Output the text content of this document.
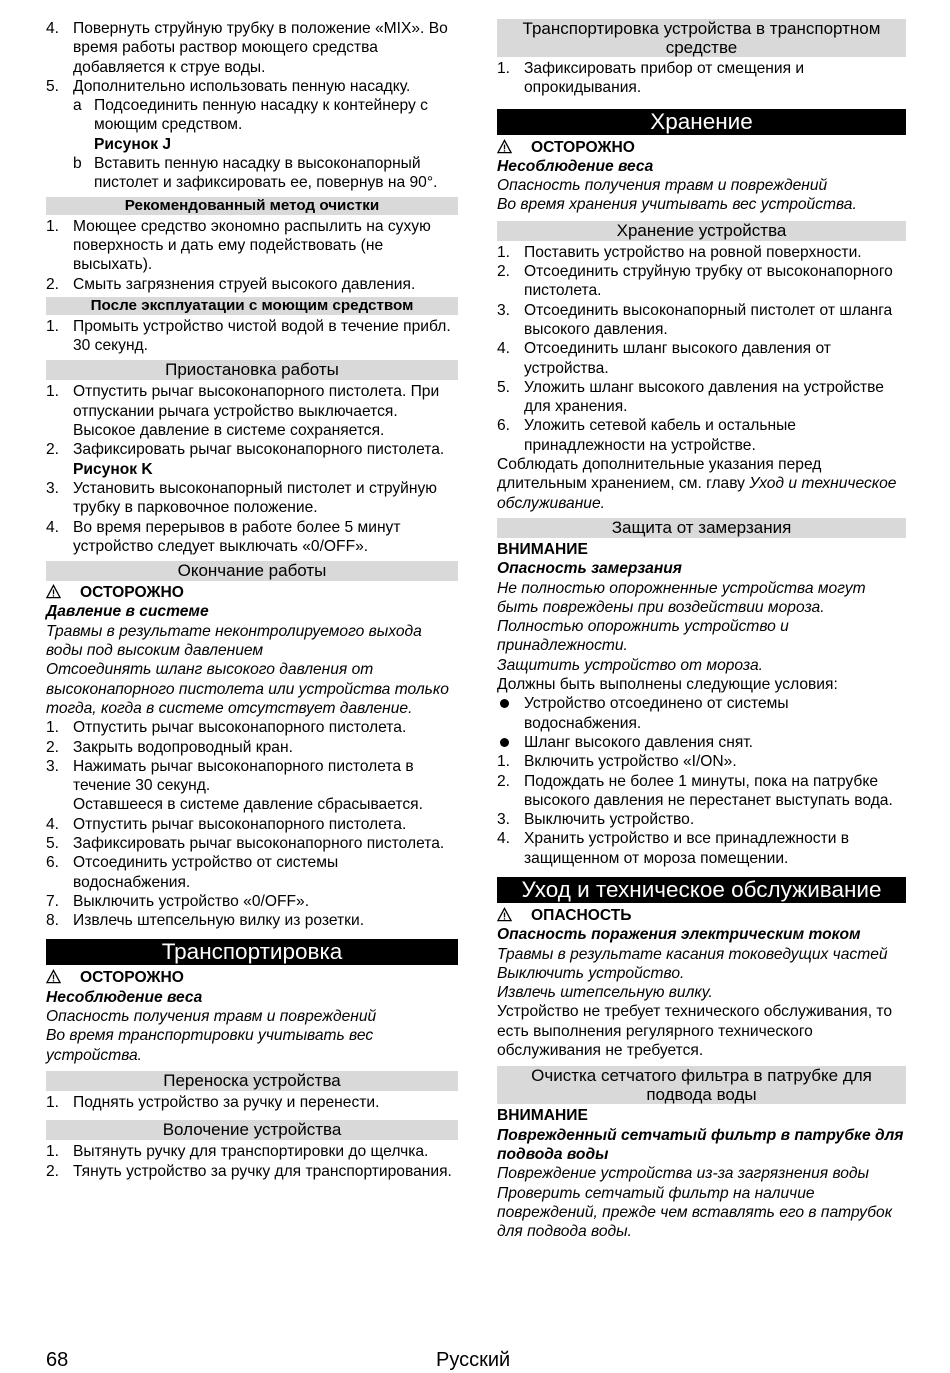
4. Повернуть струйную трубку в положение «MIX». Во время работы раствор моющего средства добавляется к струе воды.
5. Дополнительно использовать пенную насадку.
a Подсоединить пенную насадку к контейнеру с моющим средством.
Рисунок J
b Вставить пенную насадку в высоконапорный пистолет и зафиксировать ее, повернув на 90°.
Рекомендованный метод очистки
1. Моющее средство экономно распылить на сухую поверхность и дать ему подействовать (не высыхать).
2. Смыть загрязнения струей высокого давления.
После эксплуатации с моющим средством
1. Промыть устройство чистой водой в течение прибл. 30 секунд.
Приостановка работы
1. Отпустить рычаг высоконапорного пистолета. При отпускании рычага устройство выключается. Высокое давление в системе сохраняется.
2. Зафиксировать рычаг высоконапорного пистолета.
Рисунок K
3. Установить высоконапорный пистолет и струйную трубку в парковочное положение.
4. Во время перерывов в работе более 5 минут устройство следует выключать «0/OFF».
Окончание работы
ОСТОРОЖНО
Давление в системе
Травмы в результате неконтролируемого выхода воды под высоким давлением
Отсоединять шланг высокого давления от высоконапорного пистолета или устройства только тогда, когда в системе отсутствует давление.
1. Отпустить рычаг высоконапорного пистолета.
2. Закрыть водопроводный кран.
3. Нажимать рычаг высоконапорного пистолета в течение 30 секунд.
Оставшееся в системе давление сбрасывается.
4. Отпустить рычаг высоконапорного пистолета.
5. Зафиксировать рычаг высоконапорного пистолета.
6. Отсоединить устройство от системы водоснабжения.
7. Выключить устройство «0/OFF».
8. Извлечь штепсельную вилку из розетки.
Транспортировка
ОСТОРОЖНО
Несоблюдение веса
Опасность получения травм и повреждений
Во время транспортировки учитывать вес устройства.
Переноска устройства
1. Поднять устройство за ручку и перенести.
Волочение устройства
1. Вытянуть ручку для транспортировки до щелчка.
2. Тянуть устройство за ручку для транспортирования.
Транспортировка устройства в транспортном средстве
1. Зафиксировать прибор от смещения и опрокидывания.
Хранение
ОСТОРОЖНО
Несоблюдение веса
Опасность получения травм и повреждений
Во время хранения учитывать вес устройства.
Хранение устройства
1. Поставить устройство на ровной поверхности.
2. Отсоединить струйную трубку от высоконапорного пистолета.
3. Отсоединить высоконапорный пистолет от шланга высокого давления.
4. Отсоединить шланг высокого давления от устройства.
5. Уложить шланг высокого давления на устройстве для хранения.
6. Уложить сетевой кабель и остальные принадлежности на устройстве.
Соблюдать дополнительные указания перед длительным хранением, см. главу Уход и техническое обслуживание.
Защита от замерзания
ВНИМАНИЕ
Опасность замерзания
Не полностью опорожненные устройства могут быть повреждены при воздействии мороза.
Полностью опорожнить устройство и принадлежности.
Защитить устройство от мороза.
Должны быть выполнены следующие условия:
Устройство отсоединено от системы водоснабжения.
Шланг высокого давления снят.
1. Включить устройство «I/ON».
2. Подождать не более 1 минуты, пока на патрубке высокого давления не перестанет выступать вода.
3. Выключить устройство.
4. Хранить устройство и все принадлежности в защищенном от мороза помещении.
Уход и техническое обслуживание
ОПАСНОСТЬ
Опасность поражения электрическим током
Травмы в результате касания токоведущих частей
Выключить устройство.
Извлечь штепсельную вилку.
Устройство не требует технического обслуживания, то есть выполнения регулярного технического обслуживания не требуется.
Очистка сетчатого фильтра в патрубке для подвода воды
ВНИМАНИЕ
Поврежденный сетчатый фильтр в патрубке для подвода воды
Повреждение устройства из-за загрязнения воды
Проверить сетчатый фильтр на наличие повреждений, прежде чем вставлять его в патрубок для подвода воды.
68	Русский
